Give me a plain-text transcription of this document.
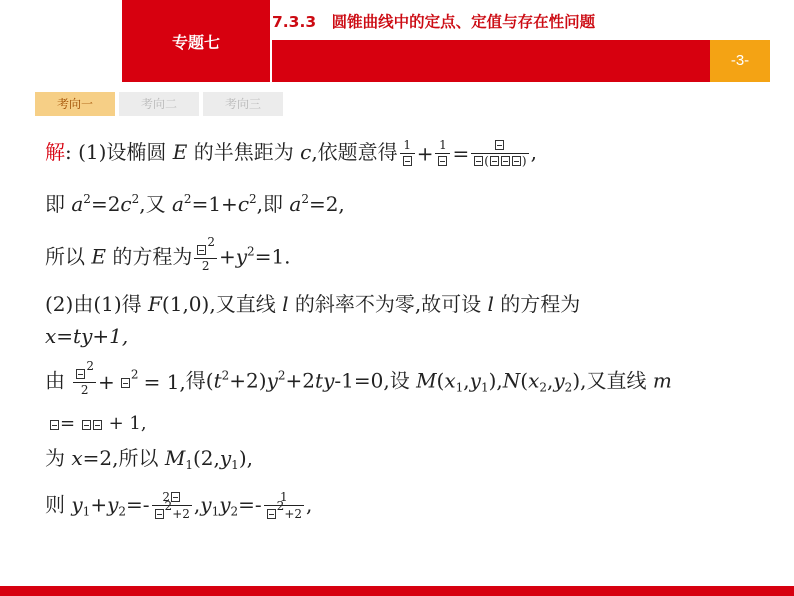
专题七
7.3.3　圆锥曲线中的定点、定值与存在性问题
-3-
考向一	考向二	考向三
解: (1)设椭圆 E 的半焦距为 c,依题意得 1 + 1 =	(	) ,
即 $a^2=2c^2$,又 $a^2=1+c^2$,即 $a^2=2$,
所以 E 的方程为 $\frac{^2}{2} +y^2=1$.
(2)由(1)得 F(1,0),又直线 l 的斜率不为零,故可设 l 的方程为
x=ty+1,
由 $\frac{^2}{2} + ^2 = 1$, 得$(t^2+2)y^2+2ty-1=0$,设 $M(x_1,y_1),N(x_2,y_2)$,又直线 m
= + 1,
为 x=2,所以 $M_1(2,y_1)$,
则 $y_1+y_2=- \frac{2}{^2+2} ,y_1y_2=- \frac{1}{^2+2}$ ,
